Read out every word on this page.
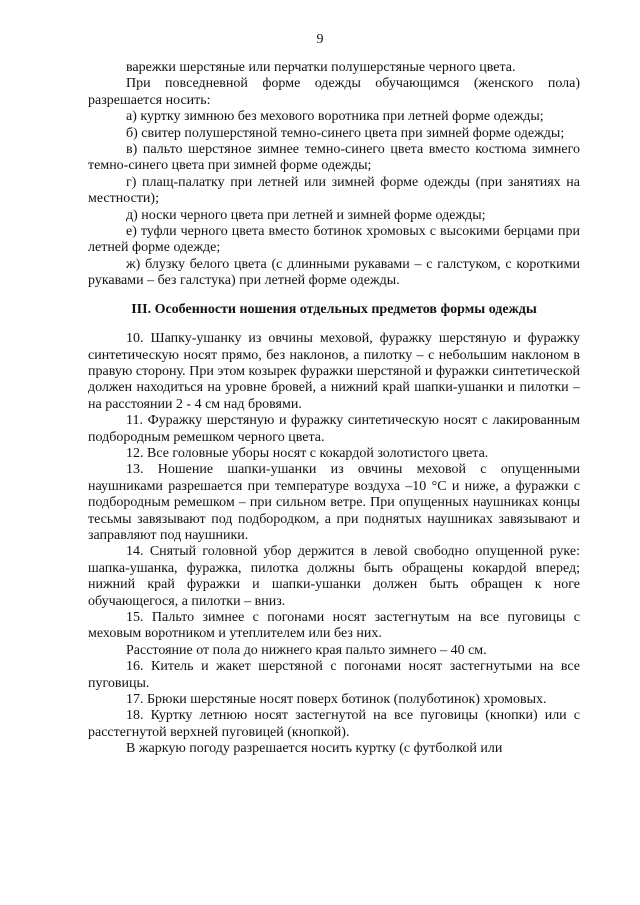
9

варежки шерстяные или перчатки полушерстяные черного цвета.

При повседневной форме одежды обучающимся (женского пола) разрешается носить:

а) куртку зимнюю без мехового воротника при летней форме одежды;

б) свитер полушерстяной темно-синего цвета при зимней форме одежды;

в) пальто шерстяное зимнее темно-синего цвета вместо костюма зимнего темно-синего цвета при зимней форме одежды;

г) плащ-палатку при летней или зимней форме одежды (при занятиях на местности);

д) носки черного цвета при летней и зимней форме одежды;

е) туфли черного цвета вместо ботинок хромовых с высокими берцами при летней форме одежде;

ж) блузку белого цвета (с длинными рукавами – с галстуком, с короткими рукавами – без галстука) при летней форме одежды.

III. Особенности ношения отдельных предметов формы одежды

10. Шапку-ушанку из овчины меховой, фуражку шерстяную и фуражку синтетическую носят прямо, без наклонов, а пилотку – с небольшим наклоном в правую сторону. При этом козырек фуражки шерстяной и фуражки синтетической должен находиться на уровне бровей, а нижний край шапки-ушанки и пилотки – на расстоянии 2 - 4 см над бровями.

11. Фуражку шерстяную и фуражку синтетическую носят с лакированным подбородным ремешком черного цвета.

12. Все головные уборы носят с кокардой золотистого цвета.

13. Ношение шапки-ушанки из овчины меховой с опущенными наушниками разрешается при температуре воздуха –10 °С и ниже, а фуражки с подбородным ремешком – при сильном ветре. При опущенных наушниках концы тесьмы завязывают под подбородком, а при поднятых наушниках завязывают и заправляют под наушники.

14. Снятый головной убор держится в левой свободно опущенной руке: шапка-ушанка, фуражка, пилотка должны быть обращены кокардой вперед; нижний край фуражки и шапки-ушанки должен быть обращен к ноге обучающегося, а пилотки – вниз.

15. Пальто зимнее с погонами носят застегнутым на все пуговицы с меховым воротником и утеплителем или без них.

Расстояние от пола до нижнего края пальто зимнего – 40 см.

16. Китель и жакет шерстяной с погонами носят застегнутыми на все пуговицы.

17. Брюки шерстяные носят поверх ботинок (полуботинок) хромовых.

18. Куртку летнюю носят застегнутой на все пуговицы (кнопки) или с расстегнутой верхней пуговицей (кнопкой).

В жаркую погоду разрешается носить куртку (с футболкой или
